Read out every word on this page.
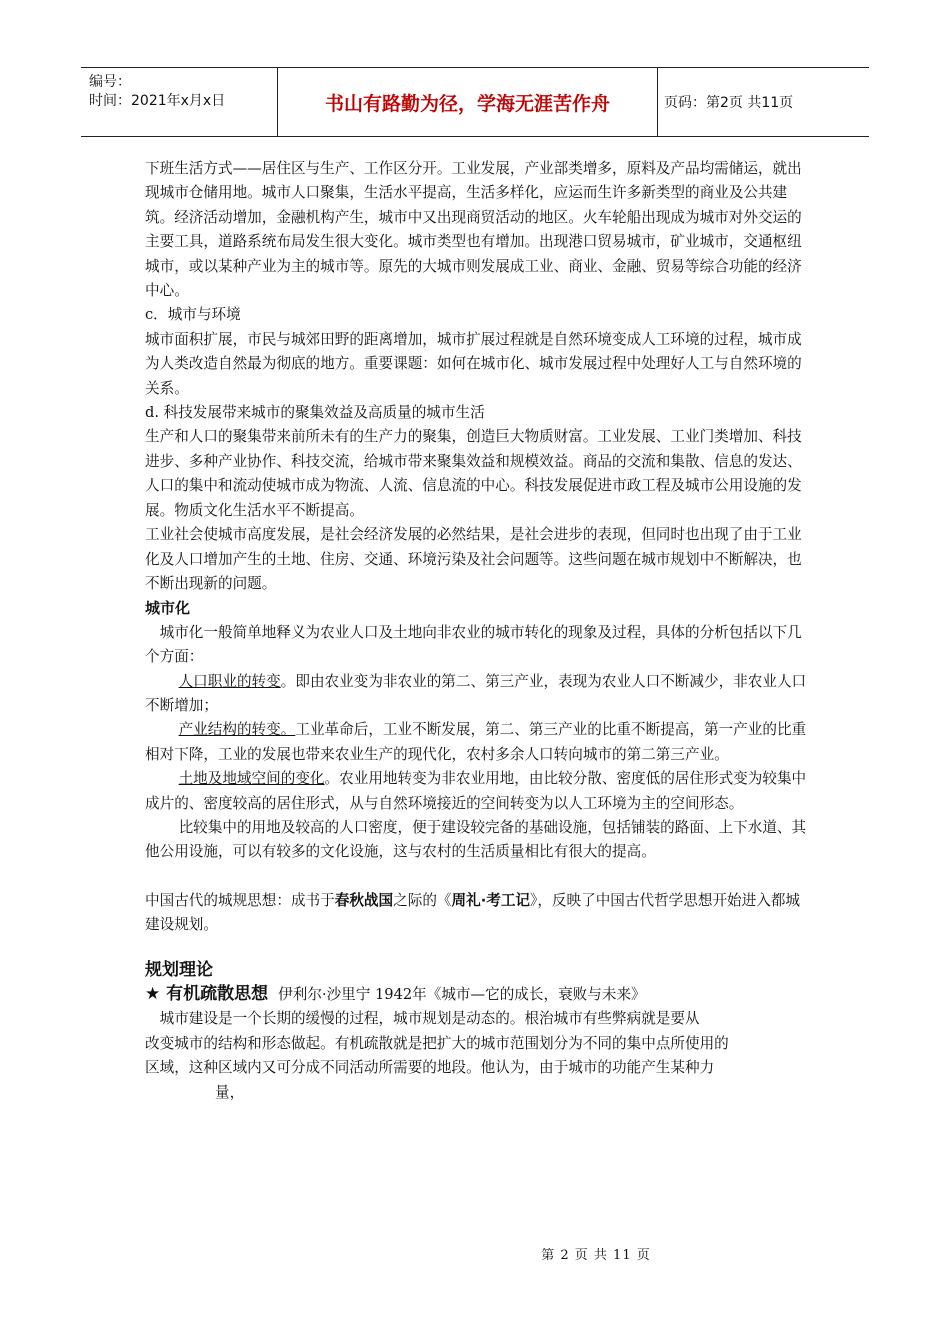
编号：
时间：2021年x月x日	书山有路勤为径，学海无涯苦作舟	页码：第2页 共11页

下班生活方式——居住区与生产、工作区分开。工业发展，产业部类增多，原料及产品均需储运，就出现城市仓储用地。城市人口聚集，生活水平提高，生活多样化，应运而生许多新类型的商业及公共建筑。经济活动增加，金融机构产生，城市中又出现商贸活动的地区。火车轮船出现成为城市对外交运的主要工具，道路系统布局发生很大变化。城市类型也有增加。出现港口贸易城市，矿业城市，交通枢纽城市，或以某种产业为主的城市等。原先的大城市则发展成工业、商业、金融、贸易等综合功能的经济中心。

c．城市与环境

城市面积扩展，市民与城郊田野的距离增加，城市扩展过程就是自然环境变成人工环境的过程，城市成为人类改造自然最为彻底的地方。重要课题：如何在城市化、城市发展过程中处理好人工与自然环境的关系。

d. 科技发展带来城市的聚集效益及高质量的城市生活

生产和人口的聚集带来前所未有的生产力的聚集，创造巨大物质财富。工业发展、工业门类增加、科技进步、多种产业协作、科技交流，给城市带来聚集效益和规模效益。商品的交流和集散、信息的发达、人口的集中和流动使城市成为物流、人流、信息流的中心。科技发展促进市政工程及城市公用设施的发展。物质文化生活水平不断提高。

工业社会使城市高度发展，是社会经济发展的必然结果，是社会进步的表现，但同时也出现了由于工业化及人口增加产生的土地、住房、交通、环境污染及社会问题等。这些问题在城市规划中不断解决，也不断出现新的问题。

城市化

城市化一般简单地释义为农业人口及土地向非农业的城市转化的现象及过程，具体的分析包括以下几个方面：

人口职业的转变。即由农业变为非农业的第二、第三产业，表现为农业人口不断减少，非农业人口不断增加；

产业结构的转变。工业革命后，工业不断发展，第二、第三产业的比重不断提高，第一产业的比重相对下降，工业的发展也带来农业生产的现代化，农村多余人口转向城市的第二第三产业。

土地及地域空间的变化。农业用地转变为非农业用地，由比较分散、密度低的居住形式变为较集中成片的、密度较高的居住形式，从与自然环境接近的空间转变为以人工环境为主的空间形态。

比较集中的用地及较高的人口密度，便于建设较完备的基础设施，包括铺装的路面、上下水道、其他公用设施，可以有较多的文化设施，这与农村的生活质量相比有很大的提高。

中国古代的城规思想：成书于春秋战国之际的《周礼·考工记》，反映了中国古代哲学思想开始进入都城建设规划。

规划理论

★ 有机疏散思想 伊利尔·沙里宁 1942年《城市—它的成长，衰败与未来》

城市建设是一个长期的缓慢的过程，城市规划是动态的。根治城市有些弊病就是要从

改变城市的结构和形态做起。有机疏散就是把扩大的城市范围划分为不同的集中点所使用的

区域，这种区域内又可分成不同活动所需要的地段。他认为，由于城市的功能产生某种力

量，

第 2 页 共 11 页
